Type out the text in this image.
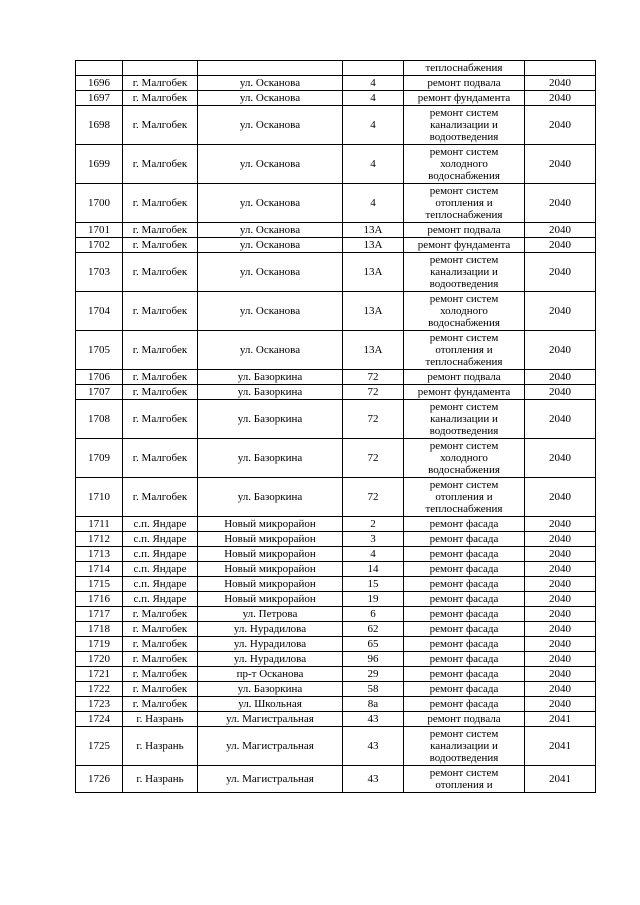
				теплоснабжения	
1696	г. Малгобек	ул. Осканова	4	ремонт подвала	2040
1697	г. Малгобек	ул. Осканова	4	ремонт фундамента	2040
1698	г. Малгобек	ул. Осканова	4	ремонт систем канализации и водоотведения	2040
1699	г. Малгобек	ул. Осканова	4	ремонт систем холодного водоснабжения	2040
1700	г. Малгобек	ул. Осканова	4	ремонт систем отопления и теплоснабжения	2040
1701	г. Малгобек	ул. Осканова	13А	ремонт подвала	2040
1702	г. Малгобек	ул. Осканова	13А	ремонт фундамента	2040
1703	г. Малгобек	ул. Осканова	13А	ремонт систем канализации и водоотведения	2040
1704	г. Малгобек	ул. Осканова	13А	ремонт систем холодного водоснабжения	2040
1705	г. Малгобек	ул. Осканова	13А	ремонт систем отопления и теплоснабжения	2040
1706	г. Малгобек	ул. Базоркина	72	ремонт подвала	2040
1707	г. Малгобек	ул. Базоркина	72	ремонт фундамента	2040
1708	г. Малгобек	ул. Базоркина	72	ремонт систем канализации и водоотведения	2040
1709	г. Малгобек	ул. Базоркина	72	ремонт систем холодного водоснабжения	2040
1710	г. Малгобек	ул. Базоркина	72	ремонт систем отопления и теплоснабжения	2040
1711	с.п. Яндаре	Новый микрорайон	2	ремонт фасада	2040
1712	с.п. Яндаре	Новый микрорайон	3	ремонт фасада	2040
1713	с.п. Яндаре	Новый микрорайон	4	ремонт фасада	2040
1714	с.п. Яндаре	Новый микрорайон	14	ремонт фасада	2040
1715	с.п. Яндаре	Новый микрорайон	15	ремонт фасада	2040
1716	с.п. Яндаре	Новый микрорайон	19	ремонт фасада	2040
1717	г. Малгобек	ул. Петрова	6	ремонт фасада	2040
1718	г. Малгобек	ул. Нурадилова	62	ремонт фасада	2040
1719	г. Малгобек	ул. Нурадилова	65	ремонт фасада	2040
1720	г. Малгобек	ул. Нурадилова	96	ремонт фасада	2040
1721	г. Малгобек	пр-т Осканова	29	ремонт фасада	2040
1722	г. Малгобек	ул. Базоркина	58	ремонт фасада	2040
1723	г. Малгобек	ул. Школьная	8а	ремонт фасада	2040
1724	г. Назрань	ул. Магистральная	43	ремонт подвала	2041
1725	г. Назрань	ул. Магистральная	43	ремонт систем канализации и водоотведения	2041
1726	г. Назрань	ул. Магистральная	43	ремонт систем отопления и	2041
